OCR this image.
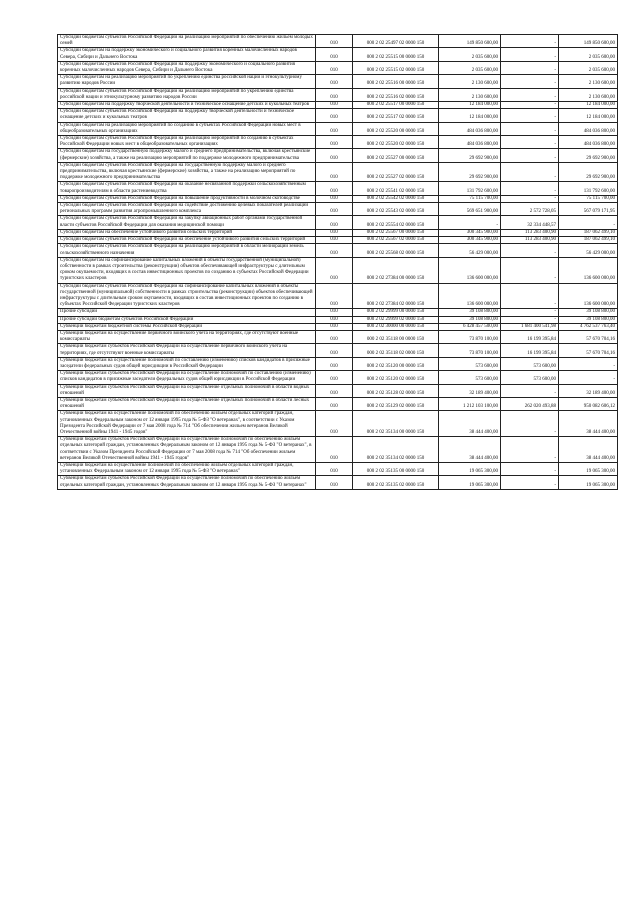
Субсидии бюджетам субъектов Российской Федерации на реализацию мероприятий по обеспечению жильем молодых семей	010	000 2 02 25497 02 0000 150	149 850 600,00	-	149 850 600,00
Субсидии бюджетам на поддержку экономического и социального развития коренных малочисленных народов Севера, Сибири и Дальнего Востока	010	000 2 02 25515 00 0000 150	2 035 600,00	-	2 035 600,00
Субсидии бюджетам субъектов Российской Федерации на поддержку экономического и социального развития коренных малочисленных народов Севера, Сибири и Дальнего Востока	010	000 2 02 25515 02 0000 150	2 035 600,00	-	2 035 600,00
Субсидии бюджетам на реализацию мероприятий по укреплению единства российской нации и этнокультурному развитию народов России	010	000 2 02 25516 00 0000 150	2 130 600,00	-	2 130 600,00
Субсидии бюджетам субъектов Российской Федерации на реализацию мероприятий по укреплению единства российской нации и этнокультурному развитию народов России	010	000 2 02 25516 02 0000 150	2 130 600,00	-	2 130 600,00
Субсидии бюджетам на поддержку творческой деятельности и техническое оснащение детских и кукольных театров	010	000 2 02 25517 00 0000 150	12 184 000,00	-	12 184 000,00
Субсидии бюджетам субъектов Российской Федерации на поддержку творческой деятельности и техническое оснащение детских и кукольных театров	010	000 2 02 25517 02 0000 150	12 184 000,00	-	12 184 000,00
Субсидии бюджетам на реализацию мероприятий по созданию в субъектах Российской Федерации новых мест в общеобразовательных организациях	010	000 2 02 25520 00 0000 150	484 036 800,00	-	484 036 800,00
Субсидии бюджетам субъектов Российской Федерации на реализацию мероприятий по созданию в субъектах Российской Федерации новых мест в общеобразовательных организациях	010	000 2 02 25520 02 0000 150	484 036 800,00	-	484 036 800,00
Субсидии бюджетам на государственную поддержку малого и среднего предпринимательства, включая крестьянские (фермерские) хозяйства, а также на реализацию мероприятий по поддержке молодежного предпринимательства	010	000 2 02 25527 00 0000 150	29 692 900,00	-	29 692 900,00
Субсидии бюджетам субъектов Российской Федерации на государственную поддержку малого и среднего предпринимательства, включая крестьянские (фермерские) хозяйства, а также на реализацию мероприятий по поддержке молодежного предпринимательства	010	000 2 02 25527 02 0000 150	29 692 900,00	-	29 692 900,00
Субсидии бюджетам субъектов Российской Федерации на оказание несвязанной поддержки сельскохозяйственным товаропроизводителям в области растениеводства	010	000 2 02 25541 02 0000 150	131 792 600,00	-	131 792 600,00
Субсидии бюджетам субъектов Российской Федерации на повышение продуктивности в молочном скотоводстве	010	000 2 02 25542 02 0000 150	75 115 700,00	-	75 115 700,00
Субсидии бюджетам субъектов Российской Федерации на содействие достижению целевых показателей реализации региональных программ развития агропромышленного комплекса	010	000 2 02 25543 02 0000 150	569 651 900,00	2 572 728,05	567 079 171,95
Субсидии бюджетам субъектов Российской Федерации на закупку авиационных работ органами государственной власти субъектов Российской Федерации для оказания медицинской помощи	010	000 2 02 25554 02 0000 150	-	32 334 448,57	-
Субсидии бюджетам на обеспечение устойчивого развития сельских территорий	010	000 2 02 25567 00 0000 150	300 345 900,00	113 283 400,90	187 062 499,10
Субсидии бюджетам субъектов Российской Федерации на обеспечение устойчивого развития сельских территорий	010	000 2 02 25567 02 0000 150	300 345 900,00	113 283 400,90	187 062 499,10
Субсидии бюджетам субъектов Российской Федерации на реализацию мероприятий в области мелиорации земель сельскохозяйственного назначения	010	000 2 02 25568 02 0000 150	56 429 000,00	-	56 429 000,00
Субсидии бюджетам на софинансирование капитальных вложений в объекты государственной (муниципальной) собственности в рамках строительства (реконструкции) объектов обеспечивающей инфраструктуры с длительным сроком окупаемости, входящих в состав инвестиционных проектов по созданию в субъектах Российской Федерации туристских кластеров	010	000 2 02 27384 00 0000 150	136 600 000,00	-	136 600 000,00
Субсидии бюджетам субъектов Российской Федерации на софинансирование капитальных вложений в объекты государственной (муниципальной) собственности в рамках строительства (реконструкции) объектов обеспечивающей инфраструктуры с длительным сроком окупаемости, входящих в состав инвестиционных проектов по созданию в субъектах Российской Федерации туристских кластеров	010	000 2 02 27384 02 0000 150	136 600 000,00	-	136 600 000,00
Прочие субсидии	010	000 2 02 29999 00 0000 150	39 108 800,00	-	39 108 800,00
Прочие субсидии бюджетам субъектов Российской Федерации	010	000 2 02 29999 02 0000 150	39 108 800,00	-	39 108 800,00
Субвенции бюджетам бюджетной системы Российской Федерации	010	000 2 02 30000 00 0000 150	6 428 457 500,00	1 681 400 541,98	4 762 537 763,40
Субвенции бюджетам на осуществление первичного воинского учета на территориях, где отсутствуют военные комиссариаты	010	000 2 02 35118 00 0000 150	73 870 100,00	16 199 395,84	57 670 704,16
Субвенции бюджетам субъектов Российской Федерации на осуществление первичного воинского учета на территориях, где отсутствуют военные комиссариаты	010	000 2 02 35118 02 0000 150	73 870 100,00	16 199 395,84	57 670 704,16
Субвенции бюджетам на осуществление полномочий по составлению (изменению) списков кандидатов в присяжные заседатели федеральных судов общей юрисдикции в Российской Федерации	010	000 2 02 35120 00 0000 150	573 600,00	573 600,00	-
Субвенции бюджетам субъектов Российской Федерации на осуществление полномочий по составлению (изменению) списков кандидатов в присяжные заседатели федеральных судов общей юрисдикции в Российской Федерации	010	000 2 02 35120 02 0000 150	573 600,00	573 600,00	-
Субвенции бюджетам субъектов Российской Федерации на осуществление отдельных полномочий в области водных отношений	010	000 2 02 35128 02 0000 150	32 189 400,00	-	32 189 400,00
Субвенции бюджетам субъектов Российской Федерации на осуществление отдельных полномочий в области лесных отношений	010	000 2 02 35129 02 0000 150	1 212 103 100,00	262 020 493,88	950 082 606,12
Субвенции бюджетам на осуществление полномочий по обеспечению жильем отдельных категорий граждан, установленных Федеральным законом от 12 января 1995 года № 5-ФЗ "О ветеранах", в соответствии с Указом Президента Российской Федерации от 7 мая 2008 года № 714 "Об обеспечении жильем ветеранов Великой Отечественной войны 1941 - 1945 годов"	010	000 2 02 35134 00 0000 150	38 444 400,00	-	38 444 400,00
Субвенции бюджетам субъектов Российской Федерации на осуществление полномочий по обеспечению жильем отдельных категорий граждан, установленных Федеральным законом от 12 января 1995 года № 5-ФЗ "О ветеранах", в соответствии с Указом Президента Российской Федерации от 7 мая 2008 года № 714 "Об обеспечении жильем ветеранов Великой Отечественной войны 1941 - 1945 годов"	010	000 2 02 35134 02 0000 150	38 444 400,00	-	38 444 400,00
Субвенции бюджетам на осуществление полномочий по обеспечению жильем отдельных категорий граждан, установленных Федеральным законом от 12 января 1995 года № 5-ФЗ "О ветеранах"	010	000 2 02 35135 00 0000 150	19 065 300,00	-	19 065 300,00
Субвенции бюджетам субъектов Российской Федерации на осуществление полномочий по обеспечению жильем отдельных категорий граждан, установленных Федеральным законом от 12 января 1995 года № 5-ФЗ "О ветеранах"	010	000 2 02 35135 02 0000 150	19 065 300,00	-	19 065 300,00
